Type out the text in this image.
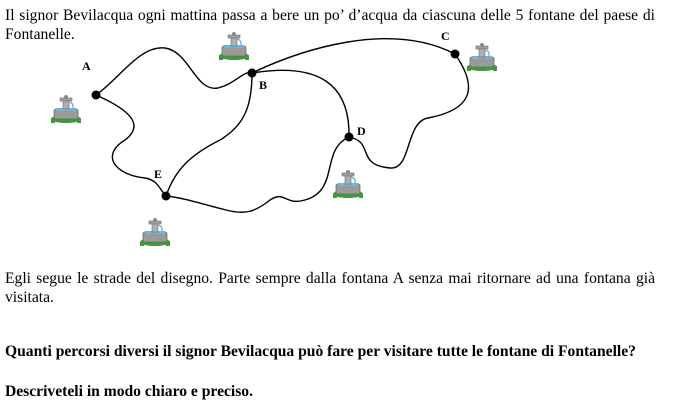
Il signor Bevilacqua ogni mattina passa a bere un po’ d’acqua da ciascuna delle 5 fontane del paese di Fontanelle.

A
B
C
D
E

Egli segue le strade del disegno. Parte sempre dalla fontana A senza mai ritornare ad una fontana già visitata.

Quanti percorsi diversi il signor Bevilacqua può fare per visitare tutte le fontane di Fontanelle?

Descriveteli in modo chiaro e preciso.
